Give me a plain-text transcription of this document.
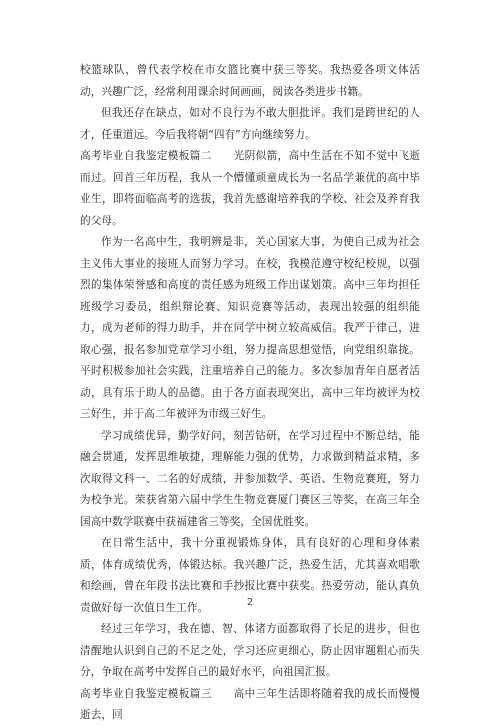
校篮球队，曾代表学校在市女篮比赛中获三等奖。我热爱各项文体活动，兴趣广泛，经常利用课余时间画画，阅读各类进步书籍。

但我还存在缺点，如对不良行为不敢大胆批评。我们是跨世纪的人才，任重道远。今后我将朝“四有”方向继续努力。

高考毕业自我鉴定模板篇二　　光阴似箭，高中生活在不知不觉中飞逝而过。回首三年历程，我从一个懵懂顽童成长为一名品学兼优的高中毕业生，即将面临高考的选拔，我首先感谢培养我的学校、社会及养育我的父母。

作为一名高中生，我明辨是非，关心国家大事，为使自己成为社会主义伟大事业的接班人而努力学习。在校，我模范遵守校纪校规，以强烈的集体荣誉感和高度的责任感为班级工作出谋划策。高中三年均担任班级学习委员，组织辩论赛、知识竞赛等活动，表现出较强的组织能力，成为老师的得力助手，并在同学中树立较高威信。我严于律己，进取心强，报名参加党章学习小组，努力提高思想觉悟，向党组织靠拢。平时积极参加社会实践，注重培养自己的能力。多次参加青年自愿者活动，具有乐于助人的品德。由于各方面表现突出，高中三年均被评为校三好生，并于高二年被评为市级三好生。

学习成绩优异，勤学好问，刻苦钻研，在学习过程中不断总结，能融会贯通，发挥思维敏捷，理解能力强的优势，力求做到精益求精，多次取得文科一、二名的好成绩，并参加数学、英语、生物竞赛班，努力为校争光。荣获省第六届中学生生物竞赛厦门赛区三等奖，在高三年全国高中数学联赛中获福建省三等奖，全国优胜奖。

在日常生活中，我十分重视锻炼身体，具有良好的心理和身体素质，体育成绩优秀，体锻达标。我兴趣广泛，热爱生活，尤其喜欢唱歌和绘画，曾在年段书法比赛和手抄报比赛中获奖。热爱劳动，能认真负责做好每一次值日生工作。

经过三年学习，我在德、智、体诸方面都取得了长足的进步，但也清醒地认识到自己的不足之处，学习还应更细心，防止因审题粗心而失分，争取在高考中发挥自己的最好水平，向祖国汇报。

高考毕业自我鉴定模板篇三　　高中三年生活即将随着我的成长而慢慢逝去，回

2
